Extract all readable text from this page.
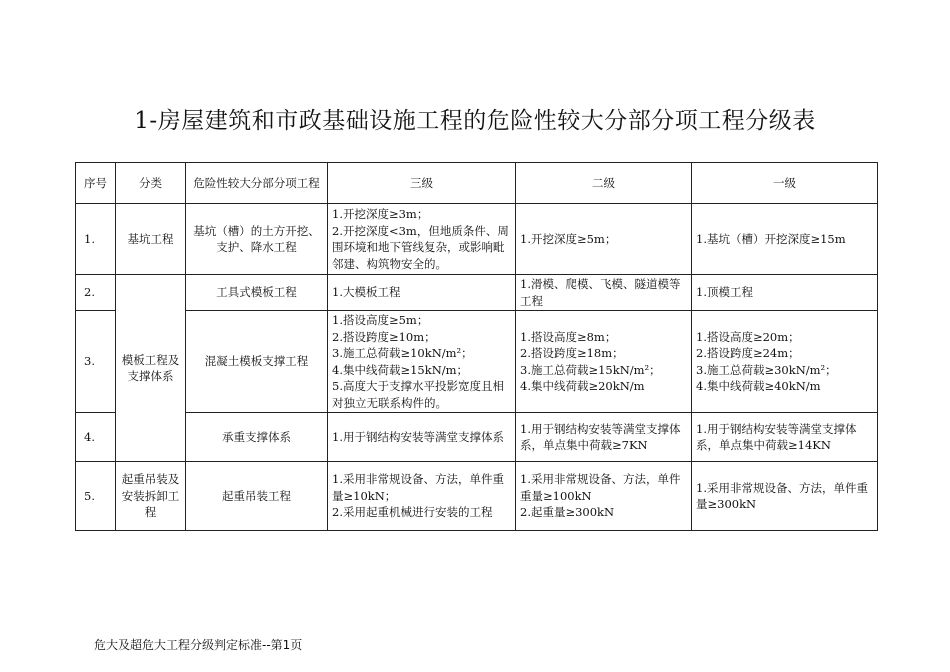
1-房屋建筑和市政基础设施工程的危险性较大分部分项工程分级表
序号	分类	危险性较大分部分项工程	三级	二级	一级
1.	基坑工程	基坑（槽）的土方开挖、支护、降水工程	1.开挖深度≥3m；
2.开挖深度<3m，但地质条件、周围环境和地下管线复杂，或影响毗邻建、构筑物安全的。	1.开挖深度≥5m；	1.基坑（槽）开挖深度≥15m

2.	模板工程及支撑体系	工具式模板工程	1.大模板工程	1.滑模、爬模、飞模、隧道模等工程	1.顶模工程

3.		混凝土模板支撑工程	1.搭设高度≥5m；
2.搭设跨度≥10m；
3.施工总荷载≥10kN/m²；
4.集中线荷载≥15kN/m；
5.高度大于支撑水平投影宽度且相对独立无联系构件的。	1.搭设高度≥8m；
2.搭设跨度≥18m；
3.施工总荷载≥15kN/m²；
4.集中线荷载≥20kN/m	1.搭设高度≥20m；
2.搭设跨度≥24m；
3.施工总荷载≥30kN/m²；
4.集中线荷载≥40kN/m

4.		承重支撑体系	1.用于钢结构安装等满堂支撑体系	1.用于钢结构安装等满堂支撑体系，单点集中荷载≥7KN	1.用于钢结构安装等满堂支撑体系，单点集中荷载≥14KN

5.	起重吊装及安装拆卸工程	起重吊装工程	1.采用非常规设备、方法，单件重量≥10kN；
2.采用起重机械进行安装的工程	1.采用非常规设备、方法，单件重量≥100kN
2.起重量≥300kN	1.采用非常规设备、方法，单件重量≥300kN
危大及超危大工程分级判定标准--第1页
